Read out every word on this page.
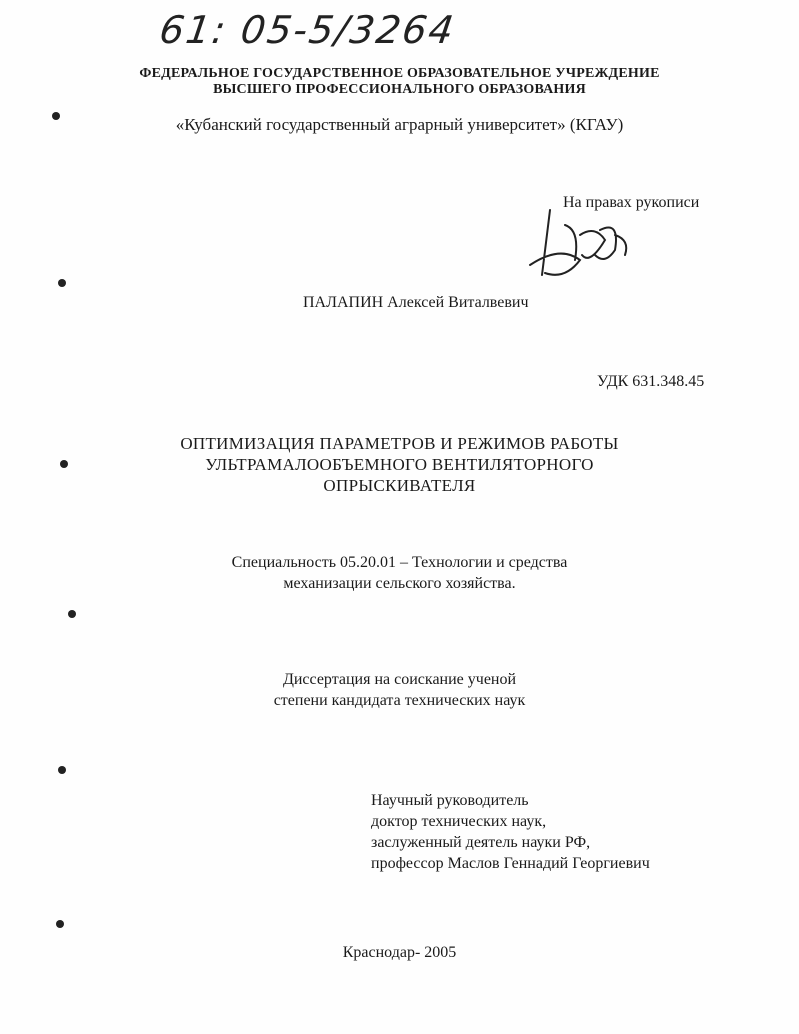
61: 05-5/3264
ФЕДЕРАЛЬНОЕ ГОСУДАРСТВЕННОЕ ОБРАЗОВАТЕЛЬНОЕ УЧРЕЖДЕНИЕ
ВЫСШЕГО ПРОФЕССИОНАЛЬНОГО ОБРАЗОВАНИЯ
«Кубанский государственный аграрный университет» (КГАУ)
На правах рукописи
ПАЛАПИН Алексей Виталвевич
УДК 631.348.45
ОПТИМИЗАЦИЯ ПАРАМЕТРОВ И РЕЖИМОВ РАБОТЫ
УЛЬТРАМАЛООБЪЕМНОГО ВЕНТИЛЯТОРНОГО
ОПРЫСКИВАТЕЛЯ
Специальность 05.20.01 – Технологии и средства
механизации сельского хозяйства.
Диссертация на соискание ученой
степени кандидата технических наук
Научный руководитель
доктор технических наук,
заслуженный деятель науки РФ,
профессор Маслов Геннадий Георгиевич
Краснодар- 2005
